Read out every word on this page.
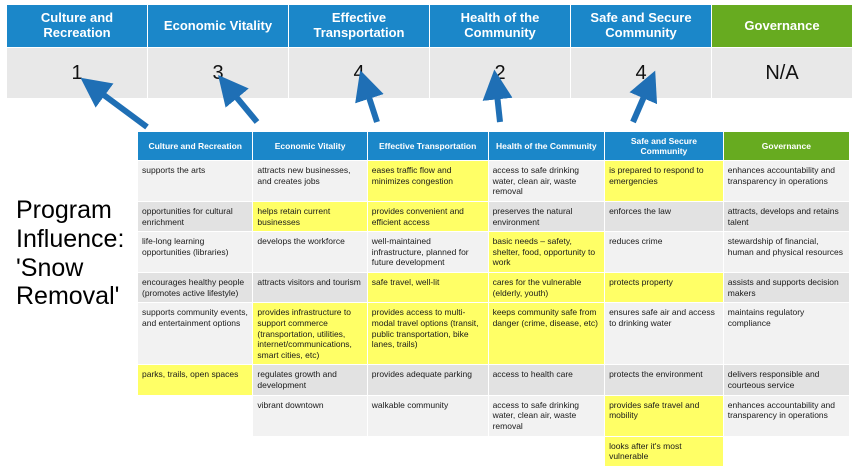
Culture and Recreation	Economic Vitality	Effective Transportation	Health of the Community	Safe and Secure Community	Governance
1	3	4	2	4	N/A
Program Influence: 'Snow Removal'
Culture and Recreation	Economic Vitality	Effective Transportation	Health of the Community	Safe and Secure Community	Governance
supports the arts	attracts new businesses, and creates jobs	eases traffic flow and minimizes congestion	access to safe drinking water, clean air, waste removal	is prepared to respond to emergencies	enhances accountability and transparency in operations
opportunities for cultural enrichment	helps retain current businesses	provides convenient and efficient access	preserves the natural environment	enforces the law	attracts, develops and retains talent
life-long learning opportunities (libraries)	develops the workforce	well-maintained infrastructure, planned for future development	basic needs – safety, shelter, food, opportunity to work	reduces crime	stewardship of financial, human and physical resources
encourages healthy people (promotes active lifestyle)	attracts visitors and tourism	safe travel, well-lit	cares for the vulnerable (elderly, youth)	protects property	assists and supports decision makers
supports community events, and entertainment options	provides infrastructure to support commerce (transportation, utilities, internet/communications, smart cities, etc)	provides access to multi-modal travel options (transit, public transportation, bike lanes, trails)	keeps community safe from danger (crime, disease, etc)	ensures safe air and access to drinking water	maintains regulatory compliance
parks, trails, open spaces	regulates growth and development	provides adequate parking	access to health care	protects the environment	delivers responsible and courteous service
	vibrant downtown	walkable community	access to safe drinking water, clean air, waste removal	provides safe travel and mobility	enhances accountability and transparency in operations
				looks after it's most vulnerable	
